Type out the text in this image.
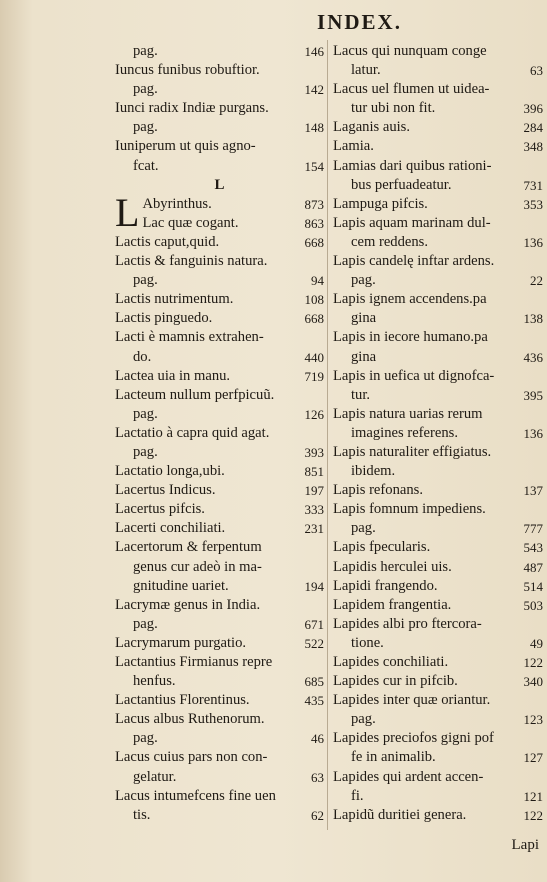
INDEX.
pag.	146
Iuncus funibus robuftior.
pag.	142
Iunci radix Indiæ purgans.
pag.	148
Iuniperum ut quis agno-
fcat.	154
L
L Abyrinthus.	873
Lac quæ cogant.	863
Lactis caput,quid.	668
Lactis & fanguinis natura.
pag.	94
Lactis nutrimentum.	108
Lactis pinguedo.	668
Lacti è mamnis extrahen-
do.	440
Lactea uia in manu.	719
Lacteum nullum perfpicuũ.
pag.	126
Lactatio à capra quid agat.
pag.	393
Lactatio longa,ubi.	851
Lacertus Indicus.	197
Lacertus pifcis.	333
Lacerti conchiliati.	231
Lacertorum & ferpentum
genus cur adeò in ma-
gnitudine uariet.	194
Lacrymæ genus in India.
pag.	671
Lacrymarum purgatio.	522
Lactantius Firmianus repre
henfus.	685
Lactantius Florentinus.	435
Lacus albus Ruthenorum.
pag.	46
Lacus cuius pars non con-
gelatur.	63
Lacus intumefcens fine uen
tis.	62
Lacus qui nunquam conge
latur.	63
Lacus uel flumen ut uidea-
tur ubi non fit.	396
Laganis auis.	284
Lamia.	348
Lamias dari quibus rationi-
bus perfuadeatur.	731
Lampuga pifcis.	353
Lapis aquam marinam dul-
cem reddens.	136
Lapis candelę inftar ardens.
pag.	22
Lapis ignem accendens.pa
gina	138
Lapis in iecore humano.pa
gina	436
Lapis in uefica ut dignofca-
tur.	395
Lapis natura uarias rerum
imagines referens.	136
Lapis naturaliter effigiatus.
ibidem.
Lapis refonans.	137
Lapis fomnum impediens.
pag.	777
Lapis fpecularis.	543
Lapidis herculei uis.	487
Lapidi frangendo.	514
Lapidem frangentia.	503
Lapides albi pro ftercora-
tione.	49
Lapides conchiliati.	122
Lapides cur in pifcib.	340
Lapides inter quæ oriantur.
pag.	123
Lapides preciofos gigni pof
fe in animalib.	127
Lapides qui ardent accen-
fi.	121
Lapidũ duritiei genera.	122
Lapi
